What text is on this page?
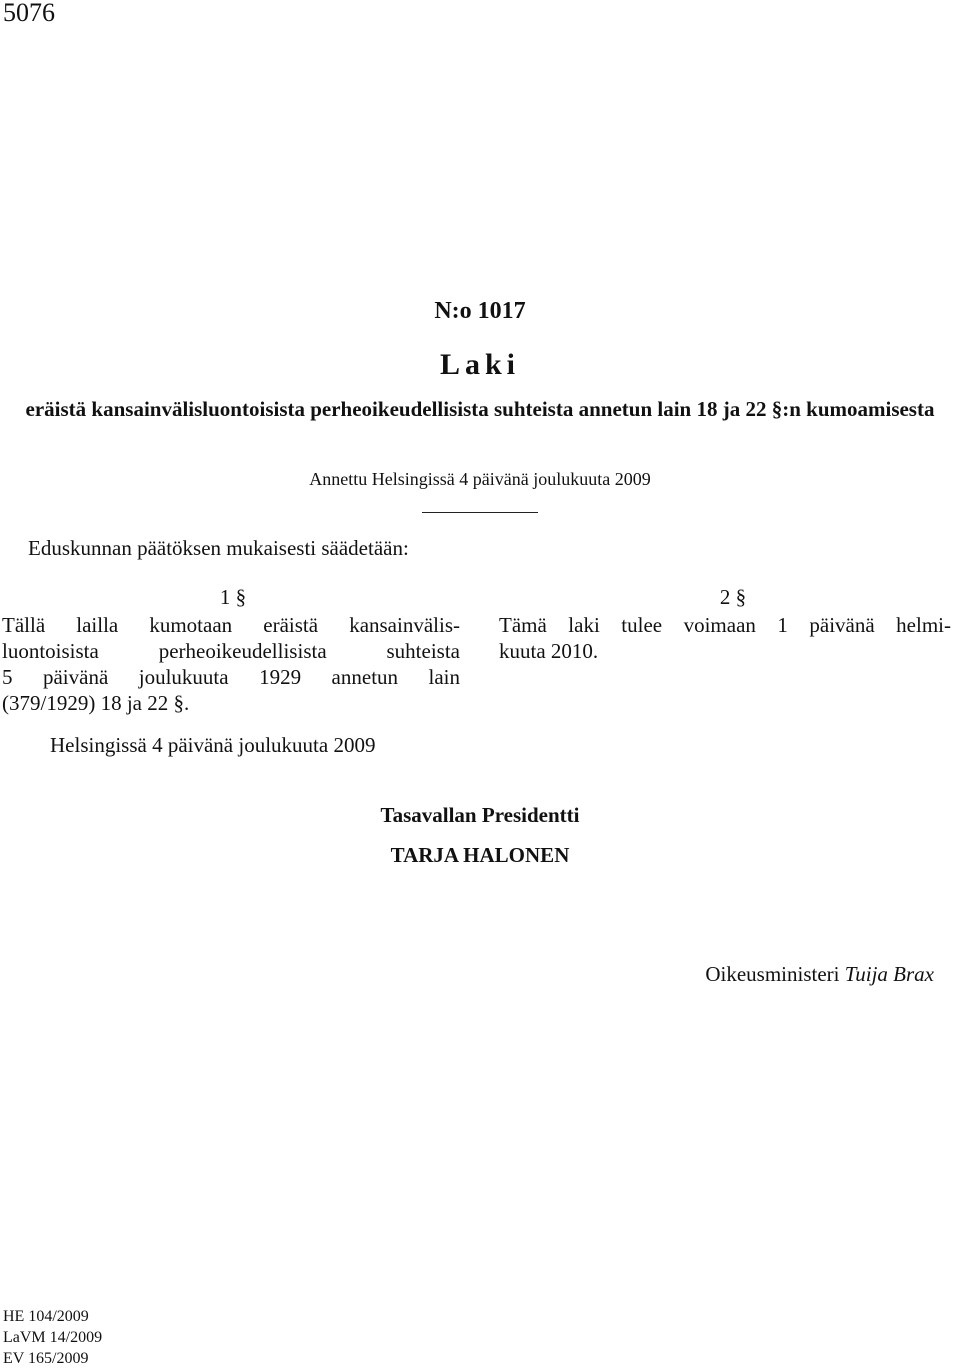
5076
N:o 1017
Laki
eräistä kansainvälisluontoisista perheoikeudellisista suhteista annetun lain 18 ja 22 §:n kumoamisesta
Annettu Helsingissä 4 päivänä joulukuuta 2009
Eduskunnan päätöksen mukaisesti säädetään:
1 §
Tällä lailla kumotaan eräistä kansainvälis-
luontoisista perheoikeudellisista suhteista
5 päivänä joulukuuta 1929 annetun lain
(379/1929) 18 ja 22 §.
2 §
Tämä laki tulee voimaan 1 päivänä helmi-
kuuta 2010.
Helsingissä 4 päivänä joulukuuta 2009
Tasavallan Presidentti
TARJA HALONEN
Oikeusministeri Tuija Brax
HE 104/2009
LaVM 14/2009
EV 165/2009
